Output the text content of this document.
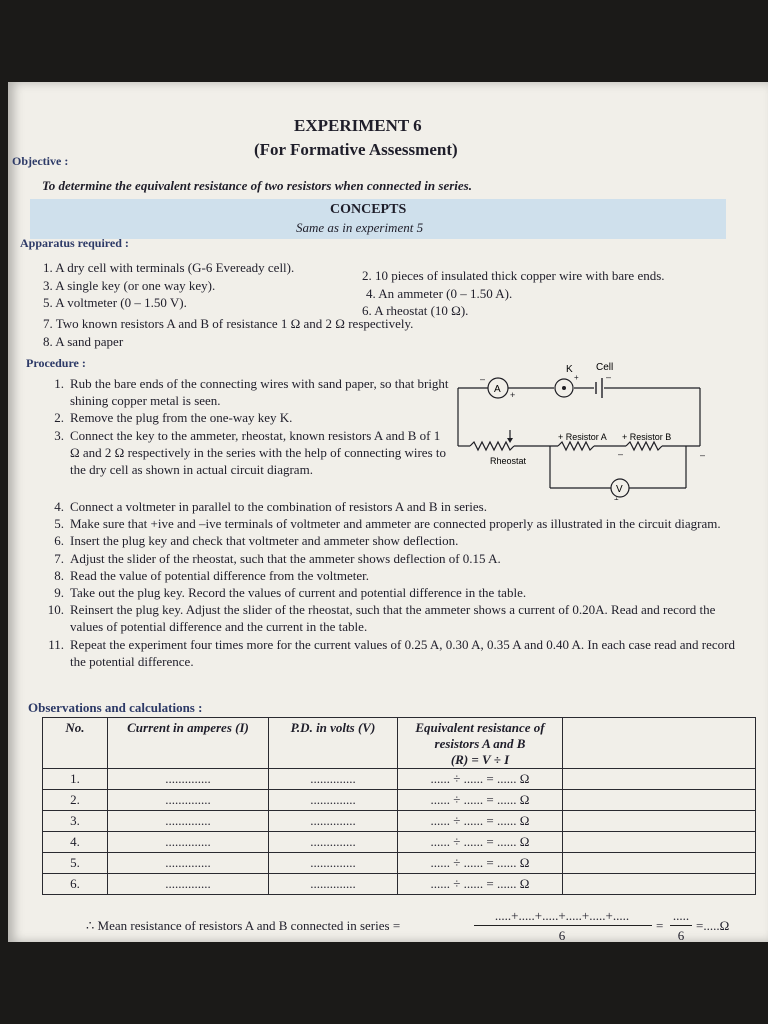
EXPERIMENT 6
(For Formative Assessment)
Objective :
To determine the equivalent resistance of two resistors when connected in series.
CONCEPTS
Same as in experiment 5
Apparatus required :
1. A dry cell with terminals (G-6 Eveready cell).
3. A single key (or one way key).
5. A voltmeter (0 – 1.50 V).
2. 10 pieces of insulated thick copper wire with bare ends.
4. An ammeter (0 – 1.50 A).
6. A rheostat (10 Ω).
7. Two known resistors A and B of resistance 1 Ω and 2 Ω respectively.
8. A sand paper
Procedure :
1. Rub the bare ends of the connecting wires with sand paper, so that bright shining copper metal is seen.
2. Remove the plug from the one-way key K.
3. Connect the key to the ammeter, rheostat, known resistors A and B of 1 Ω and 2 Ω respectively in the series with the help of connecting wires to the dry cell as shown in actual circuit diagram.
4. Connect a voltmeter in parallel to the combination of resistors A and B in series.
5. Make sure that +ive and –ive terminals of voltmeter and ammeter are connected properly as illustrated in the circuit diagram.
6. Insert the plug key and check that voltmeter and ammeter show deflection.
7. Adjust the slider of the rheostat, such that the ammeter shows deflection of 0.15 A.
8. Read the value of potential difference from the voltmeter.
9. Take out the plug key. Record the values of current and potential difference in the table.
10. Reinsert the plug key. Adjust the slider of the rheostat, such that the ammeter shows a current of 0.20A. Read and record the values of potential difference and the current in the table.
11. Repeat the experiment four times more for the current values of 0.25 A, 0.30 A, 0.35 A and 0.40 A. In each case read and record the potential difference.
A
V
K Cell
+ Resistor A + Resistor B
Rheostat
–
+
+	–
–	–
+
Observations and calculations :
No.	Current in amperes (I)	P.D. in volts (V)	Equivalent resistance of
resistors A and B
(R) = V ÷ I	

1.	..............	..............	...... ÷ ...... = ...... Ω	
2.	..............	..............	...... ÷ ...... = ...... Ω	
3.	..............	..............	...... ÷ ...... = ...... Ω	
4.	..............	..............	...... ÷ ...... = ...... Ω	
5.	..............	..............	...... ÷ ...... = ...... Ω	
6.	..............	..............	...... ÷ ...... = ...... Ω	
∴ Mean resistance of resistors A and B connected in series =
.....+.....+.....+.....+.....+.....
6
=
.....
6
=.....Ω
